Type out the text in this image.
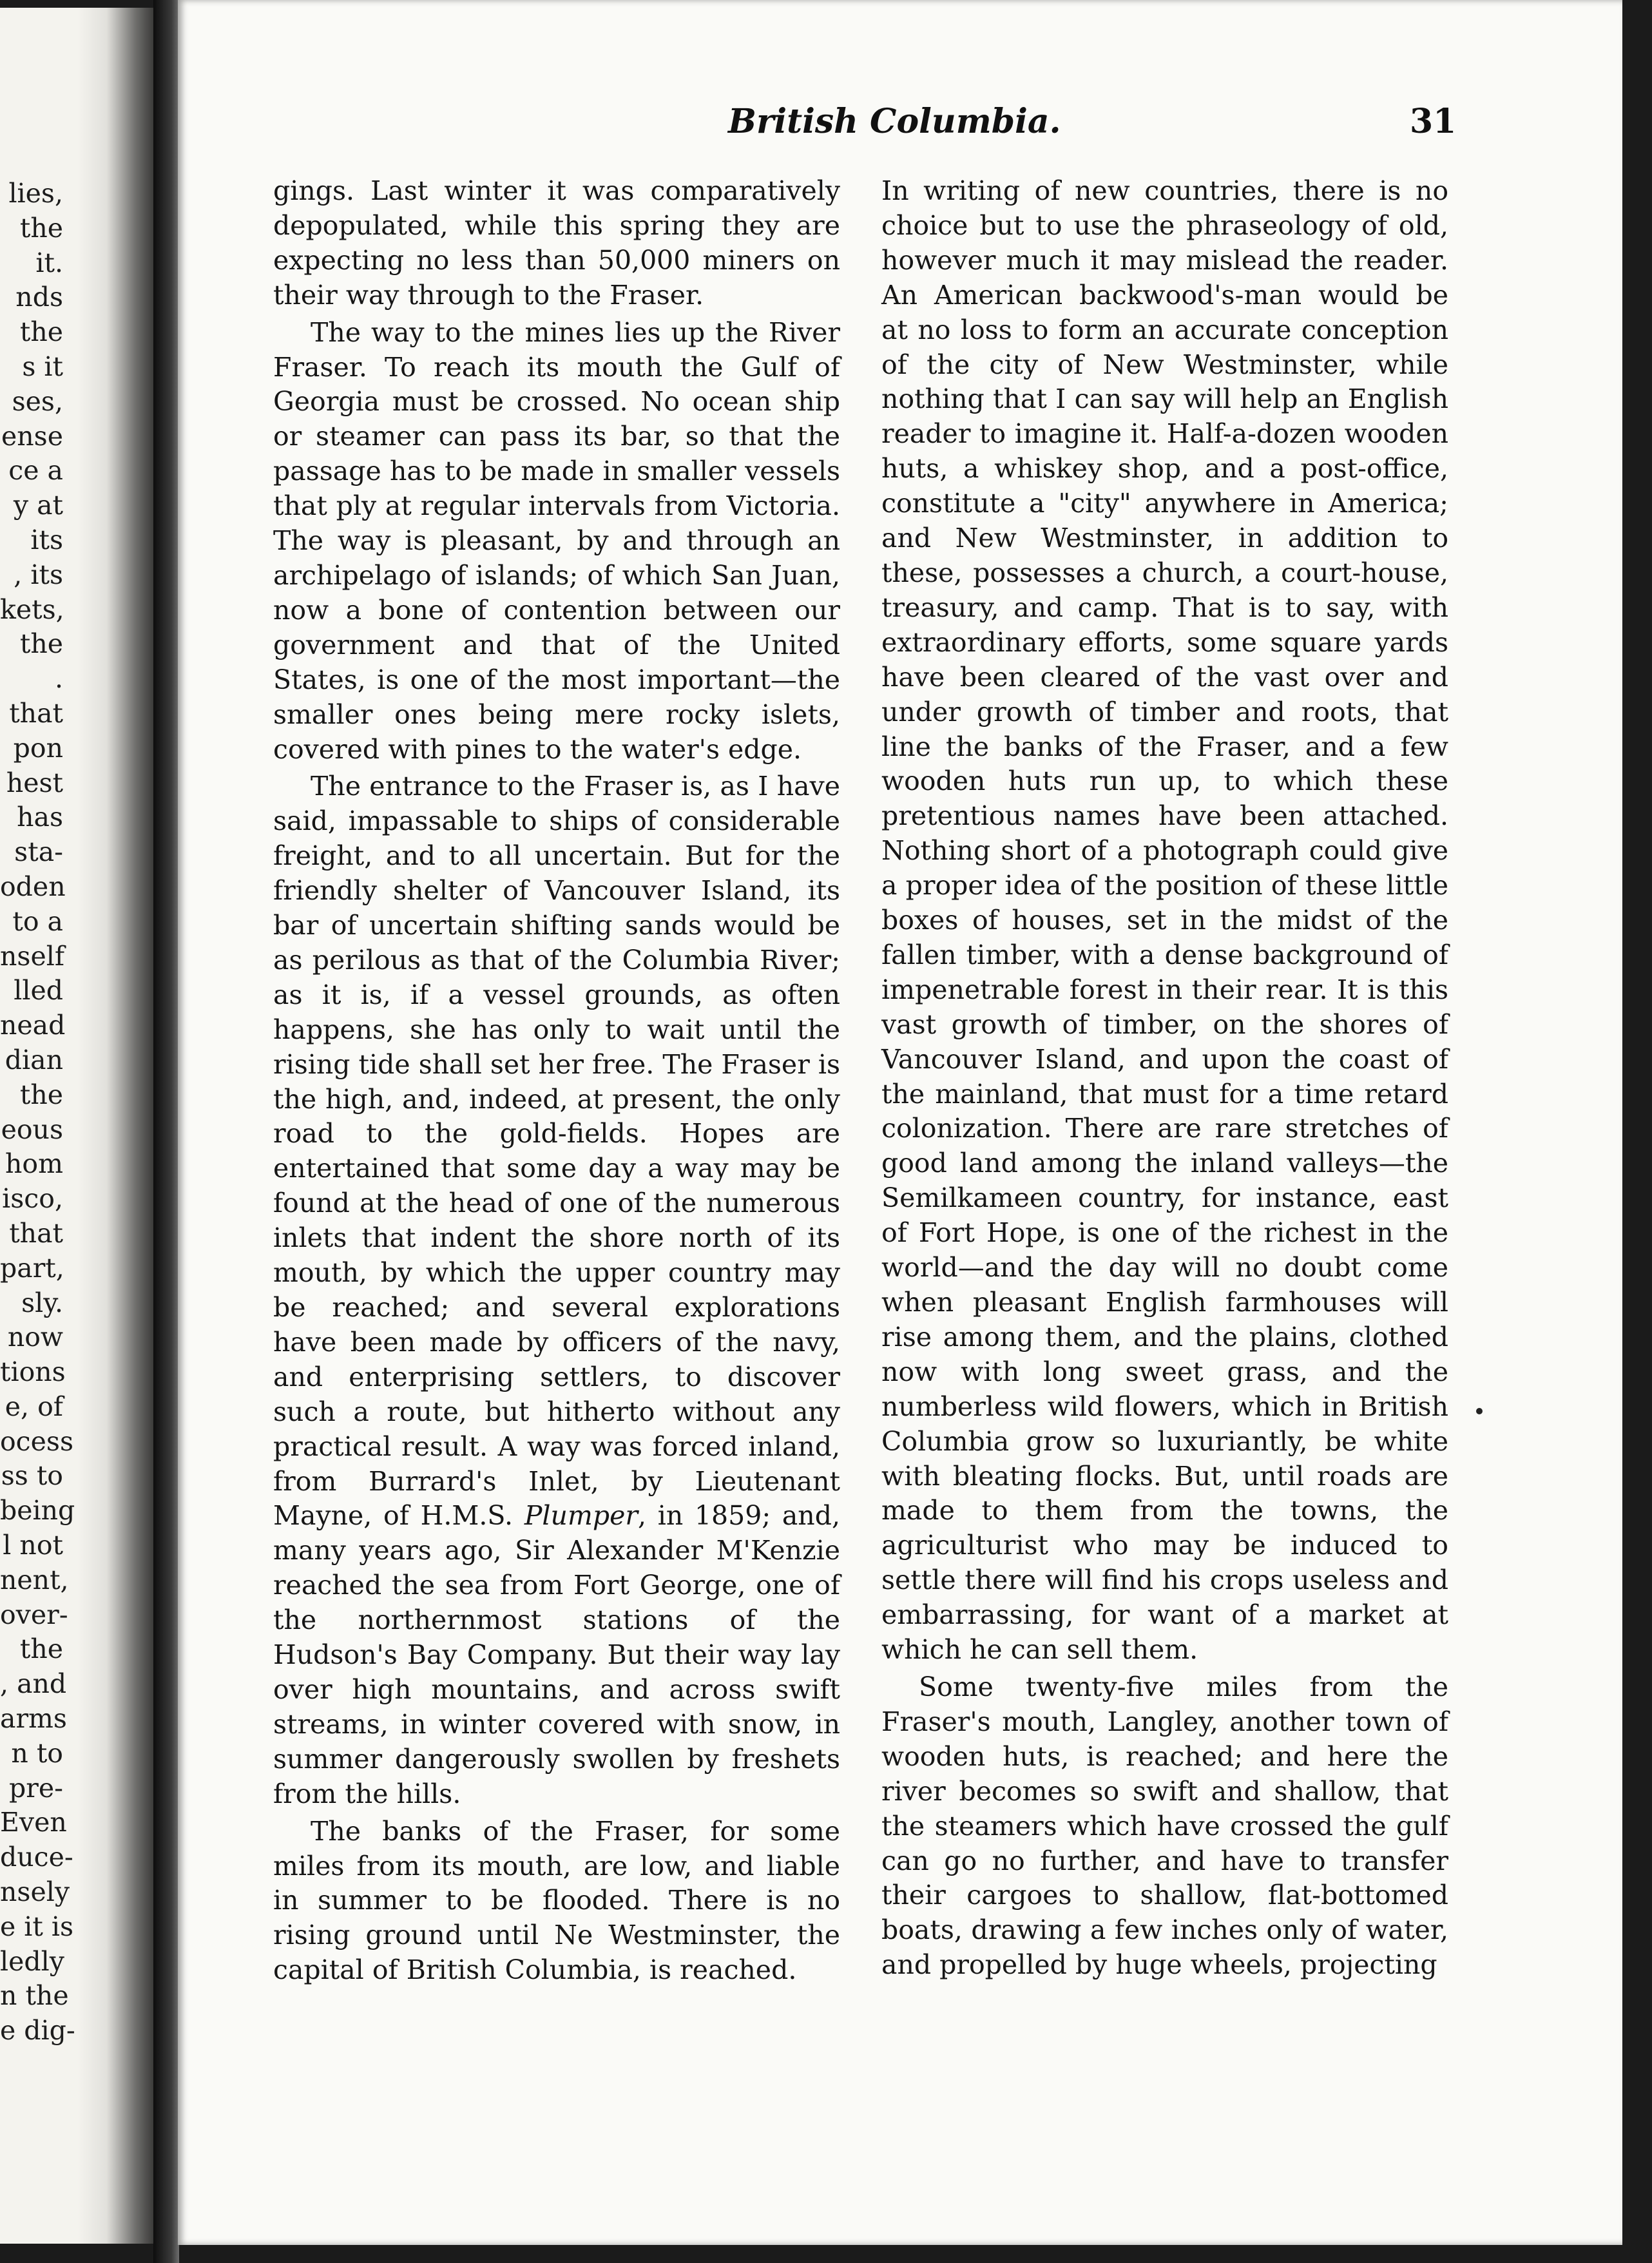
lies,
the
it.
nds
the
s it
ses,
ense
ce a
y at
its
, its
kets,
the
.
that
pon
hest
has
sta-
oden
to a
nself
lled
nead
dian
the
eous
hom
isco,
that
part,
sly.
now
tions
e, of
ocess
ss to
being
l not
nent,
over-
the
, and
arms
n to
pre-
Even
duce-
nsely
e it is
ledly
n the
e dig-
British Columbia.	31

gings. Last winter it was comparatively depopulated, while this spring they are expecting no less than 50,000 miners on their way through to the Fraser.

The way to the mines lies up the River Fraser. To reach its mouth the Gulf of Georgia must be crossed. No ocean ship or steamer can pass its bar, so that the passage has to be made in smaller vessels that ply at regular intervals from Victoria. The way is pleasant, by and through an archipelago of islands; of which San Juan, now a bone of contention between our government and that of the United States, is one of the most important—the smaller ones being mere rocky islets, covered with pines to the water's edge.

The entrance to the Fraser is, as I have said, impassable to ships of considerable freight, and to all uncertain. But for the friendly shelter of Vancouver Island, its bar of uncertain shifting sands would be as perilous as that of the Columbia River; as it is, if a vessel grounds, as often happens, she has only to wait until the rising tide shall set her free. The Fraser is the high, and, indeed, at present, the only road to the gold-fields. Hopes are entertained that some day a way may be found at the head of one of the numerous inlets that indent the shore north of its mouth, by which the upper country may be reached; and several explorations have been made by officers of the navy, and enterprising settlers, to discover such a route, but hitherto without any practical result. A way was forced inland, from Burrard's Inlet, by Lieutenant Mayne, of H.M.S. Plumper, in 1859; and, many years ago, Sir Alexander M'Kenzie reached the sea from Fort George, one of the northernmost stations of the Hudson's Bay Company. But their way lay over high mountains, and across swift streams, in winter covered with snow, in summer dangerously swollen by freshets from the hills.

The banks of the Fraser, for some miles from its mouth, are low, and liable in summer to be flooded. There is no rising ground until Ne Westminster, the capital of British Columbia, is reached.

In writing of new countries, there is no choice but to use the phraseology of old, however much it may mislead the reader. An American backwood's-man would be at no loss to form an accurate conception of the city of New Westminster, while nothing that I can say will help an English reader to imagine it. Half-a-dozen wooden huts, a whiskey shop, and a post-office, constitute a "city" anywhere in America; and New Westminster, in addition to these, possesses a church, a court-house, treasury, and camp. That is to say, with extraordinary efforts, some square yards have been cleared of the vast over and under growth of timber and roots, that line the banks of the Fraser, and a few wooden huts run up, to which these pretentious names have been attached. Nothing short of a photograph could give a proper idea of the position of these little boxes of houses, set in the midst of the fallen timber, with a dense background of impenetrable forest in their rear. It is this vast growth of timber, on the shores of Vancouver Island, and upon the coast of the mainland, that must for a time retard colonization. There are rare stretches of good land among the inland valleys—the Semilkameen country, for instance, east of Fort Hope, is one of the richest in the world—and the day will no doubt come when pleasant English farmhouses will rise among them, and the plains, clothed now with long sweet grass, and the numberless wild flowers, which in British Columbia grow so luxuriantly, be white with bleating flocks. But, until roads are made to them from the towns, the agriculturist who may be induced to settle there will find his crops useless and embarrassing, for want of a market at which he can sell them.

Some twenty-five miles from the Fraser's mouth, Langley, another town of wooden huts, is reached; and here the river becomes so swift and shallow, that the steamers which have crossed the gulf can go no further, and have to transfer their cargoes to shallow, flat-bottomed boats, drawing a few inches only of water, and propelled by huge wheels, projecting
